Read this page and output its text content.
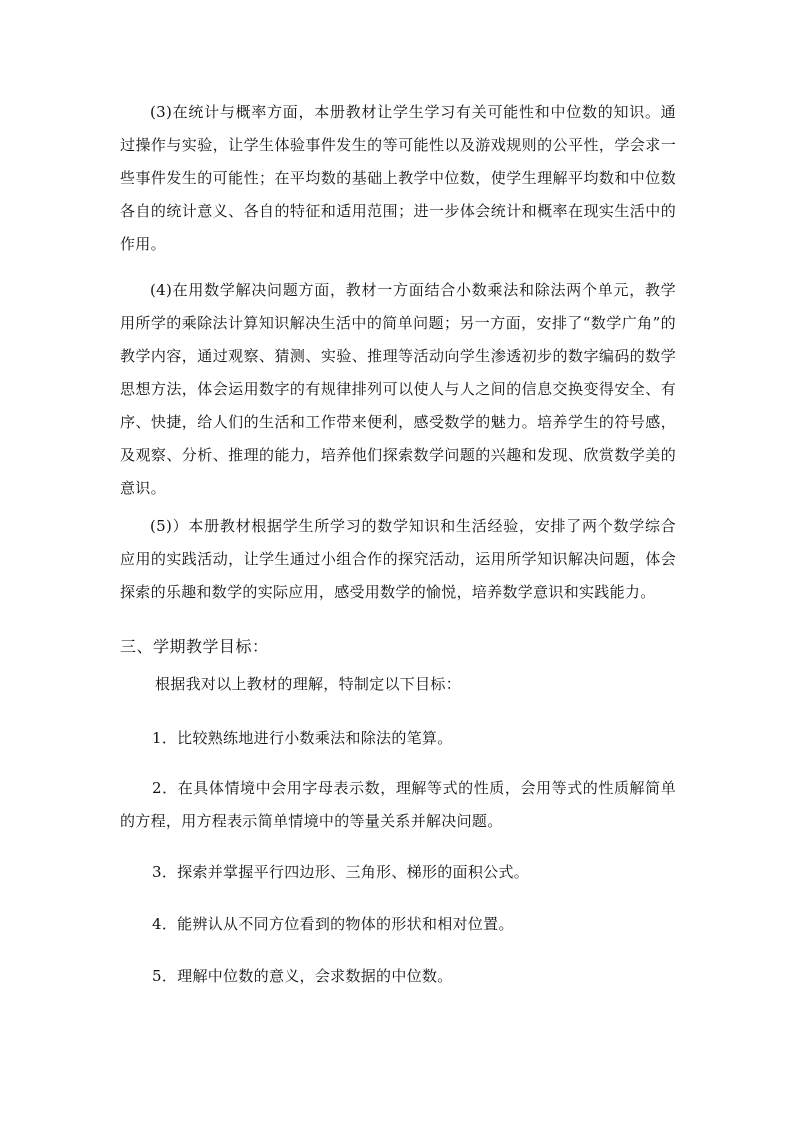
(3)在统计与概率方面，本册教材让学生学习有关可能性和中位数的知识。通过操作与实验，让学生体验事件发生的等可能性以及游戏规则的公平性，学会求一些事件发生的可能性；在平均数的基础上教学中位数，使学生理解平均数和中位数各自的统计意义、各自的特征和适用范围；进一步体会统计和概率在现实生活中的作用。

(4)在用数学解决问题方面，教材一方面结合小数乘法和除法两个单元，教学用所学的乘除法计算知识解决生活中的简单问题；另一方面，安排了“数学广角”的教学内容，通过观察、猜测、实验、推理等活动向学生渗透初步的数字编码的数学思想方法，体会运用数字的有规律排列可以使人与人之间的信息交换变得安全、有序、快捷，给人们的生活和工作带来便利，感受数学的魅力。培养学生的符号感，及观察、分析、推理的能力，培养他们探索数学问题的兴趣和发现、欣赏数学美的意识。

(5)）本册教材根据学生所学习的数学知识和生活经验，安排了两个数学综合应用的实践活动，让学生通过小组合作的探究活动，运用所学知识解决问题，体会探索的乐趣和数学的实际应用，感受用数学的愉悦，培养数学意识和实践能力。

三、学期教学目标：

根据我对以上教材的理解，特制定以下目标：

1．比较熟练地进行小数乘法和除法的笔算。

2．在具体情境中会用字母表示数，理解等式的性质，会用等式的性质解简单的方程，用方程表示简单情境中的等量关系并解决问题。

3．探索并掌握平行四边形、三角形、梯形的面积公式。

4．能辨认从不同方位看到的物体的形状和相对位置。

5．理解中位数的意义，会求数据的中位数。
